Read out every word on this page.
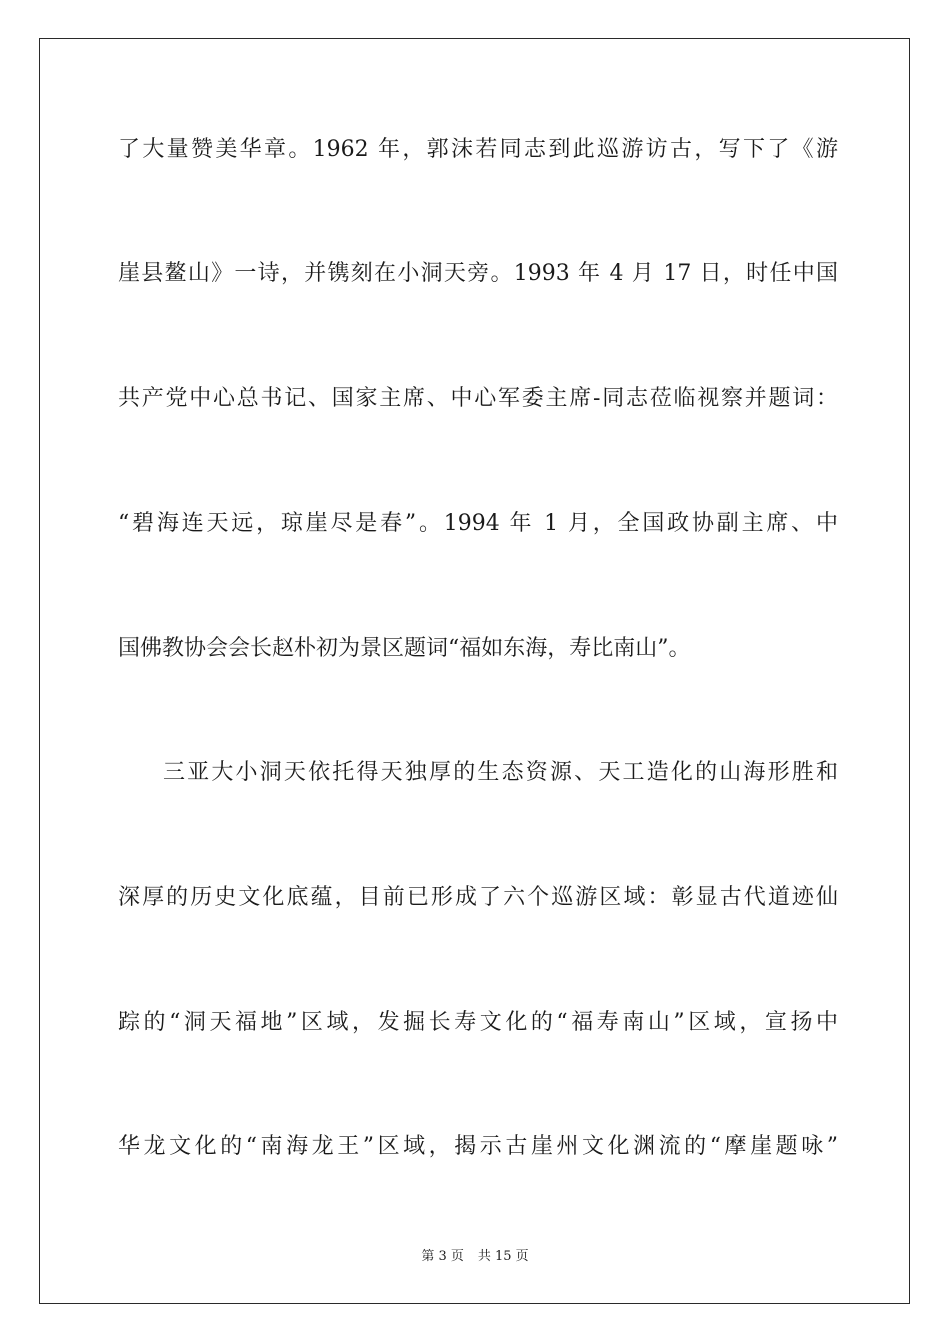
了大量赞美华章。1962 年，郭沫若同志到此巡游访古，写下了《游
崖县鳌山》一诗，并镌刻在小洞天旁。1993 年 4 月 17 日，时任中国
共产党中心总书记、国家主席、中心军委主席-同志莅临视察并题词：
“碧海连天远，琼崖尽是春”。1994 年 1 月，全国政协副主席、中
国佛教协会会长赵朴初为景区题词“福如东海，寿比南山”。
三亚大小洞天依托得天独厚的生态资源、天工造化的山海形胜和
深厚的历史文化底蕴，目前已形成了六个巡游区域：彰显古代道迹仙
踪的“洞天福地”区域，发掘长寿文化的“福寿南山”区域，宣扬中
华龙文化的“南海龙王”区域，揭示古崖州文化渊流的“摩崖题咏”
第 3 页 共 15 页
